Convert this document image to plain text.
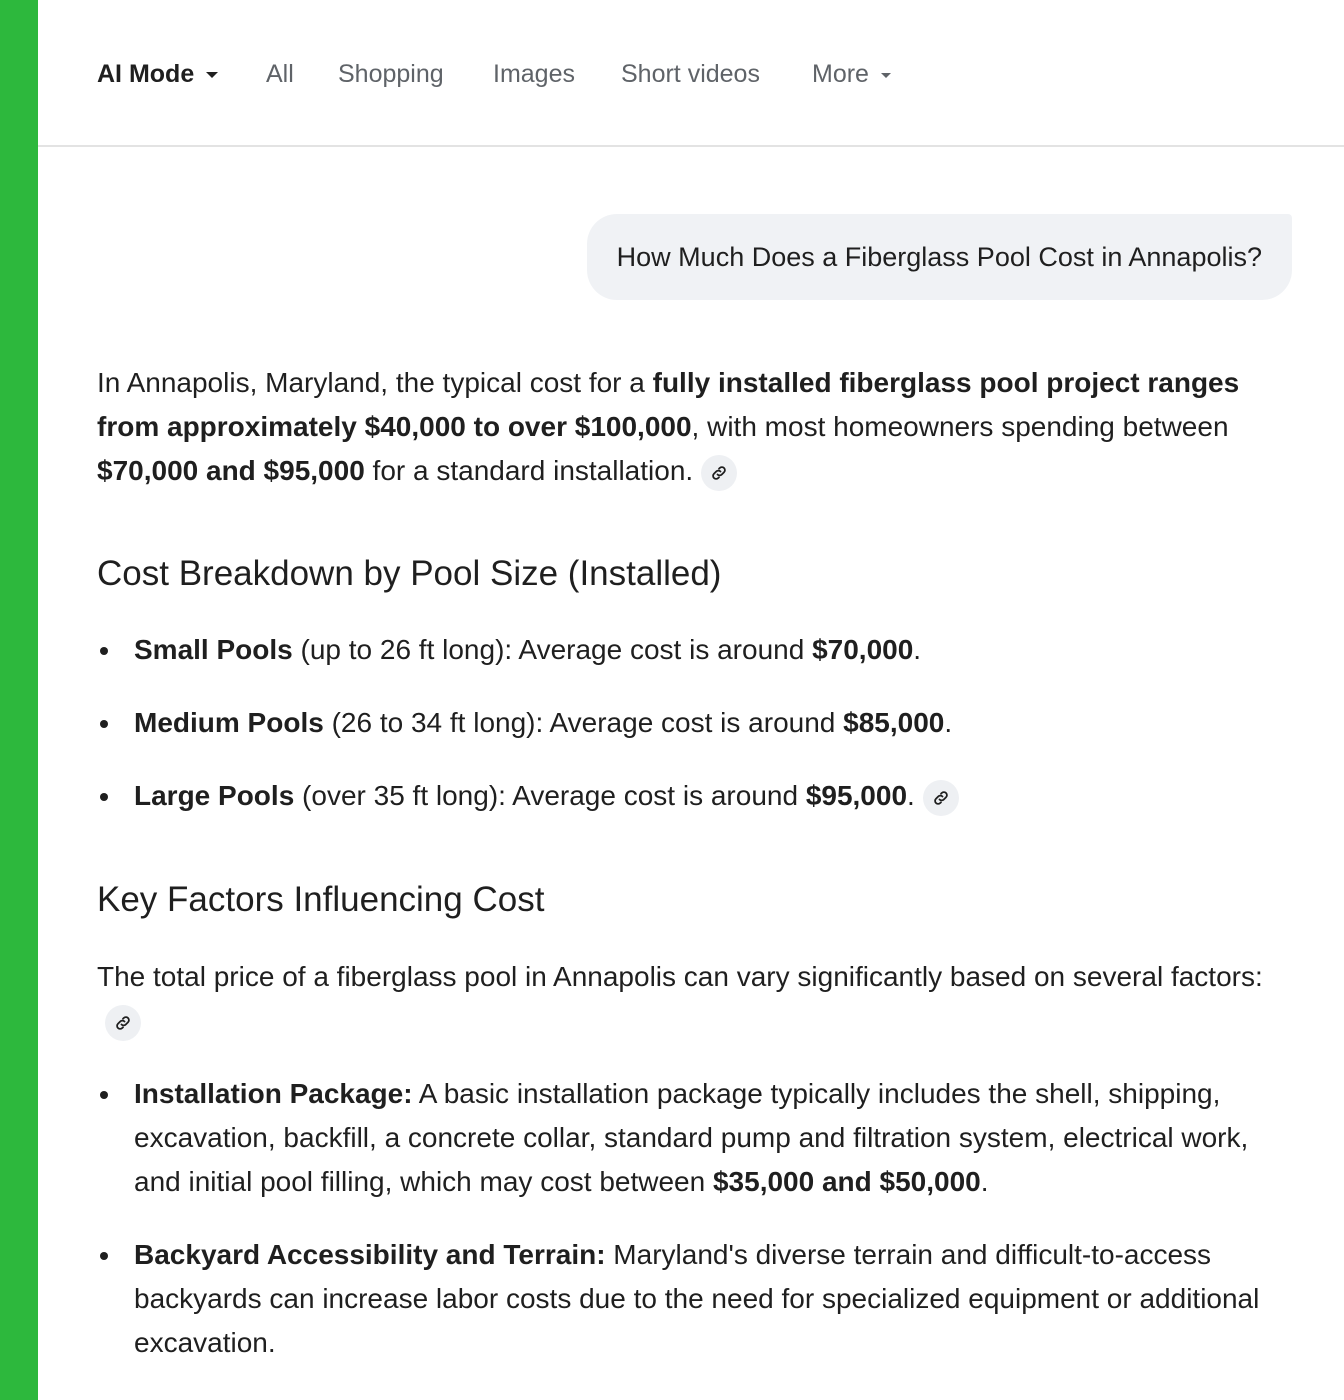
AI Mode	All Shopping Images Short videos More
How Much Does a Fiberglass Pool Cost in Annapolis?

In Annapolis, Maryland, the typical cost for a fully installed fiberglass pool project ranges from approximately $40,000 to over $100,000, with most homeowners spending between $70,000 and $95,000 for a standard installation.

Cost Breakdown by Pool Size (Installed)
Small Pools (up to 26 ft long): Average cost is around $70,000.
Medium Pools (26 to 34 ft long): Average cost is around $85,000.
Large Pools (over 35 ft long): Average cost is around $95,000.
Key Factors Influencing Cost

The total price of a fiberglass pool in Annapolis can vary significantly based on several factors:

Installation Package: A basic installation package typically includes the shell, shipping, excavation, backfill, a concrete collar, standard pump and filtration system, electrical work, and initial pool filling, which may cost between $35,000 and $50,000.
Backyard Accessibility and Terrain: Maryland's diverse terrain and difficult-to-access backyards can increase labor costs due to the need for specialized equipment or additional excavation.
